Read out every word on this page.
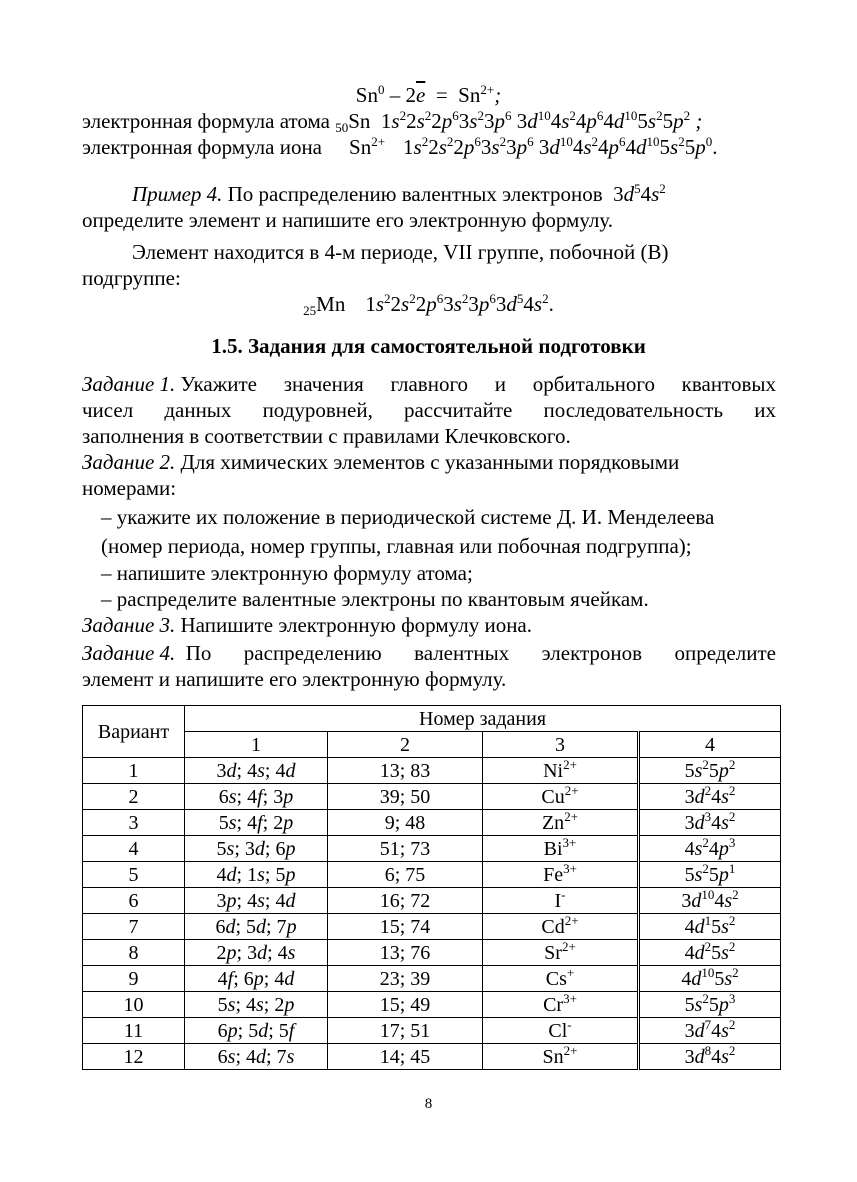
$Sn^0 - 2\overline{e} = Sn^{2+}$;
электронная формула атома $_{50}$Sn  $1s^22s^22p^63s^23p^6$ $3d^{10}4s^24p^64d^{10}5s^25p^2$ ;
электронная формула иона $Sn^{2+}$ $1s^22s^22p^63s^23p^6$ $3d^{10}4s^24p^64d^{10}5s^25p^0$.
Пример 4. По распределению валентных электронов  $3d^54s^2$
определите элемент и напишите его электронную формулу.
Элемент находится в 4-м периоде, VII группе, побочной (В)
подгруппе:
$_{25}$Mn $1s^22s^22p^63s^23p^63d^54s^2$.
1.5. Задания для самостоятельной подготовки
Задание 1. Укажите значения главного и орбитального квантовых
чисел данных подуровней, рассчитайте последовательность их
заполнения в соответствии с правилами Клечковского.
Задание 2. Для химических элементов с указанными порядковыми
номерами:
– укажите их положение в периодической системе Д. И. Менделеева
(номер периода, номер группы, главная или побочная подгруппа);
– напишите электронную формулу атома;
– распределите валентные электроны по квантовым ячейкам.
Задание 3. Напишите электронную формулу иона.
Задание 4. По распределению валентных электронов определите
элемент и напишите его электронную формулу.
Вариант	Номер задания			
	1	2	3	4
1	3d; 4s; 4d	13; 83	$Ni^{2+}$	$5s^25p^2$
2	6s; 4f; 3p	39; 50	$Cu^{2+}$	$3d^24s^2$
3	5s; 4f; 2p	9; 48	$Zn^{2+}$	$3d^34s^2$
4	5s; 3d; 6p	51; 73	$Bi^{3+}$	$4s^24p^3$
5	4d; 1s; 5p	6; 75	$Fe^{3+}$	$5s^25p^1$
6	3p; 4s; 4d	16; 72	I-	$3d^{10}4s^2$
7	6d; 5d; 7p	15; 74	$Cd^{2+}$	$4d^15s^2$
8	2p; 3d; 4s	13; 76	$Sr^{2+}$	$4d^25s^2$
9	4f; 6p; 4d	23; 39	Cs+	$4d^{10}5s^2$
10	5s; 4s; 2p	15; 49	$Cr^{3+}$	$5s^25p^3$
11	6p; 5d; 5f	17; 51	Cl-	$3d^74s^2$
12	6s; 4d; 7s	14; 45	$Sn^{2+}$	$3d^84s^2$
8
